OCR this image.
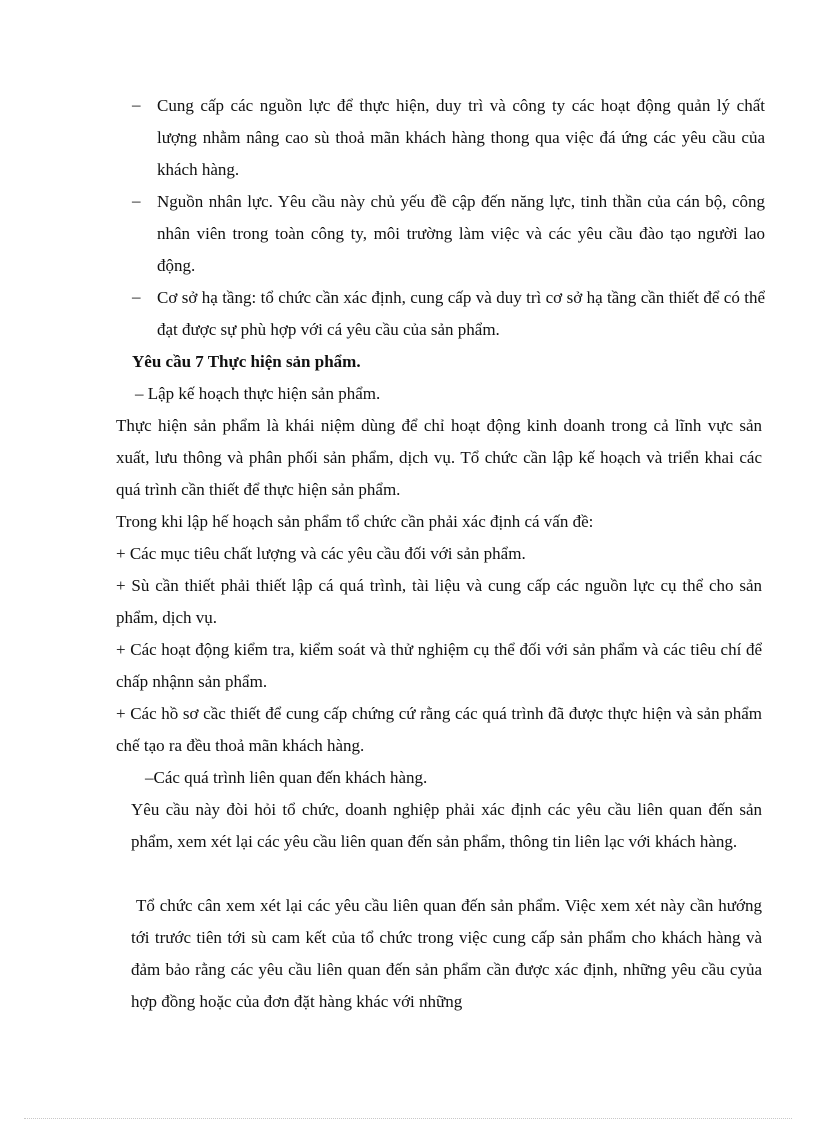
– Cung cấp các nguồn lực để thực hiện, duy trì và công ty các hoạt động quản lý chất lượng nhằm nâng cao sù thoả mãn khách hàng thong qua việc đá ứng các yêu cầu của khách hàng.
– Nguồn nhân lực. Yêu cầu này chủ yếu đề cập đến năng lực, tinh thần của cán bộ, công nhân viên trong toàn công ty, môi trường làm việc và các yêu cầu đào tạo người lao động.
– Cơ sở hạ tầng: tổ chức cần xác định, cung cấp và duy trì cơ sở hạ tầng cần thiết để có thể đạt được sự phù hợp với cá yêu cầu của sản phẩm.
Yêu cầu 7 Thực hiện sản phẩm.
– Lập kế hoạch thực hiện sản phẩm.
Thực hiện sản phẩm là khái niệm dùng để chỉ hoạt động kinh doanh trong cả lĩnh vực sản xuất, lưu thông và phân phối sản phẩm, dịch vụ. Tổ chức cần lập kế hoạch và triển khai các quá trình cần thiết để thực hiện sản phẩm.
Trong khi lập hế hoạch sản phẩm tổ chức cần phải xác định cá vấn đề:
+ Các mục tiêu chất lượng và các yêu cầu đối với sản phẩm.
+ Sù cần thiết phải thiết lập cá quá trình, tài liệu và cung cấp các nguồn lực cụ thể cho sản phẩm, dịch vụ.
+ Các hoạt động kiểm tra, kiểm soát và thử nghiệm cụ thể đối với sản phẩm và các tiêu chí để chấp nhậnn sản phẩm.
+ Các hồ sơ cầc thiết để cung cấp chứng cứ rằng các quá trình đã được thực hiện và sản phẩm chế tạo ra đều thoả mãn khách hàng.
–Các quá trình liên quan đến khách hàng.
Yêu cầu này đòi hỏi tổ chức, doanh nghiệp phải xác định các yêu cầu liên quan đến sản phẩm, xem xét lại các yêu cầu liên quan đến sản phẩm, thông tin liên lạc với khách hàng.
Tổ chức cân xem xét lại các yêu cầu liên quan đến sản phẩm. Việc xem xét này cần hướng tới trước tiên tới sù cam kết của tổ chức trong việc cung cấp sản phẩm cho khách hàng và đảm bảo rằng các yêu cầu liên quan đến sản phẩm cần được xác định, những yêu cầu cyủa hợp đồng hoặc của đơn đặt hàng khác với những
